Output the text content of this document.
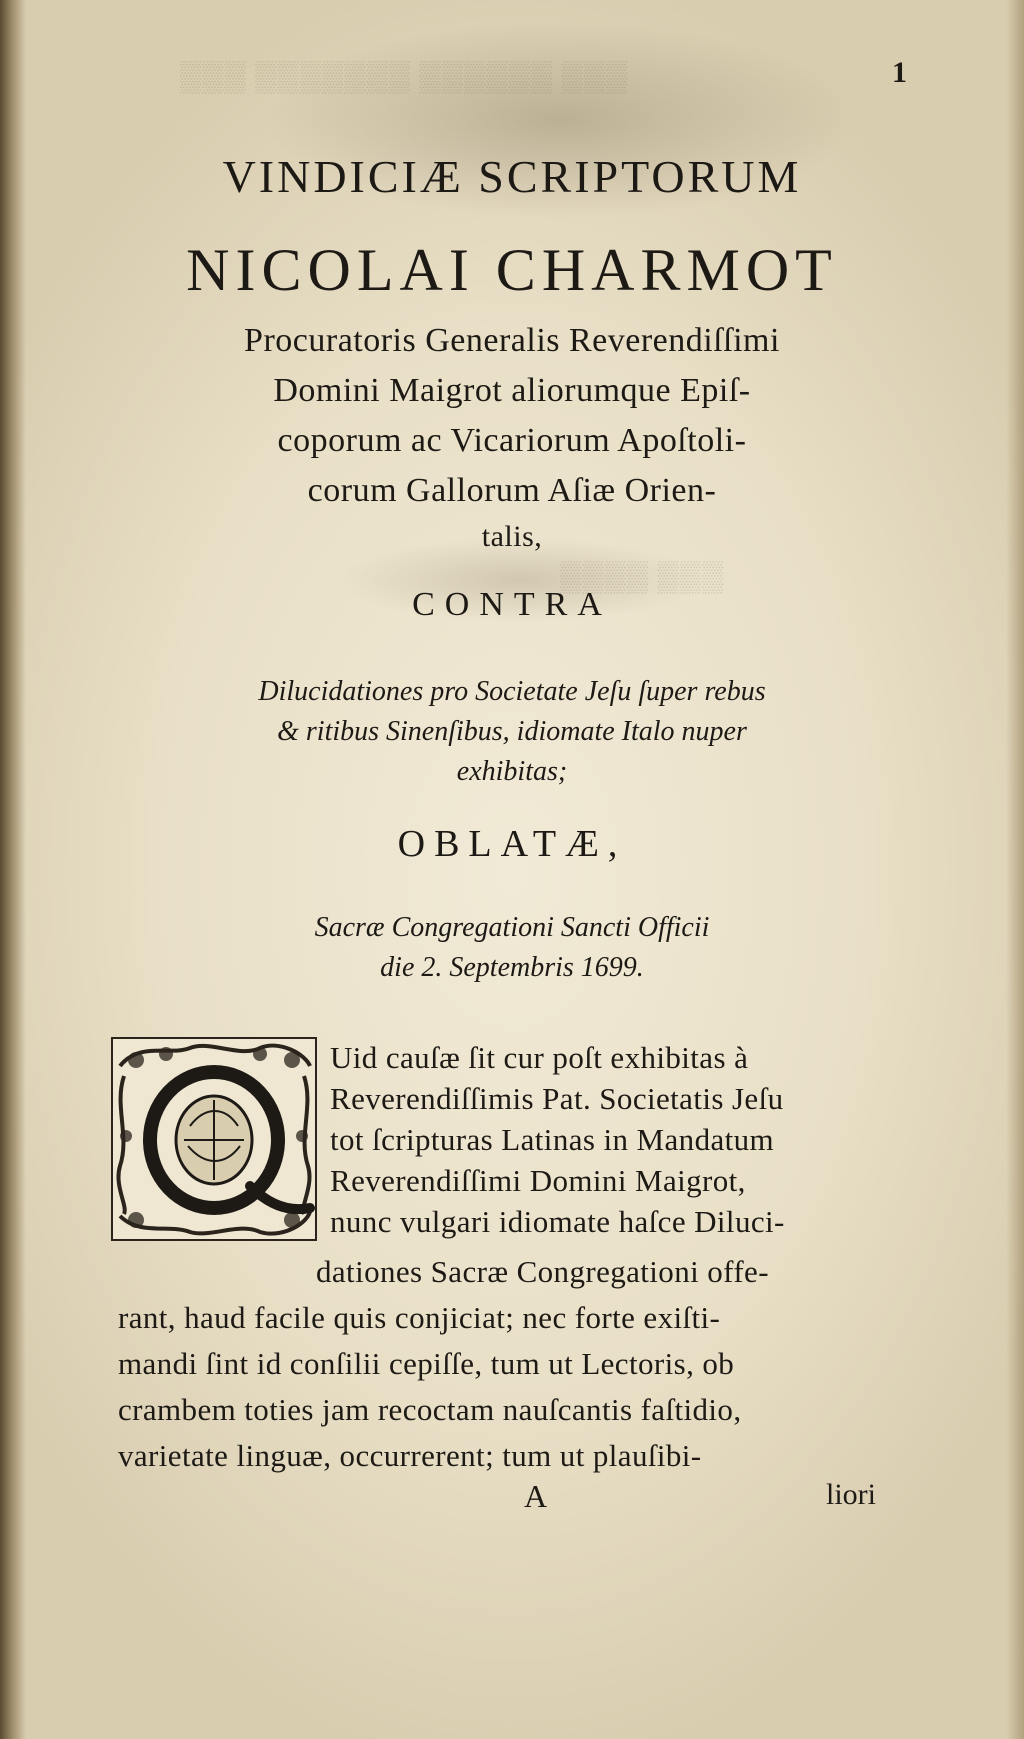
▒▒▒ ▒▒▒▒▒▒▒ ▒▒▒▒▒▒ ▒▒▒
▒▒▒▒ ▒▒▒
1
VINDICIÆ SCRIPTORUM
NICOLAI CHARMOT
Procuratoris Generalis Reverendiſſimi
Domini Maigrot aliorumque Epiſ-
coporum ac Vicariorum Apoſtoli-
corum Gallorum Aſiæ Orien-
talis,
CONTRA
Dilucidationes pro Societate Jeſu ſuper rebus
& ritibus Sinenſibus, idiomate Italo nuper
exhibitas;
OBLATÆ,
Sacræ Congregationi Sancti Officii
die 2. Septembris 1699.
Uid cauſæ ſit cur poſt exhibitas à
Reverendiſſimis Pat. Societatis Jeſu
tot ſcripturas Latinas in Mandatum
Reverendiſſimi Domini Maigrot,
nunc vulgari idiomate haſce Diluci-
dationes Sacræ Congregationi offe-
rant, haud facile quis conjiciat; nec forte exiſti-
mandi ſint id conſilii cepiſſe, tum ut Lectoris, ob
crambem toties jam recoctam nauſcantis faſtidio,
varietate linguæ, occurrerent; tum ut plauſibi-
A	liori
